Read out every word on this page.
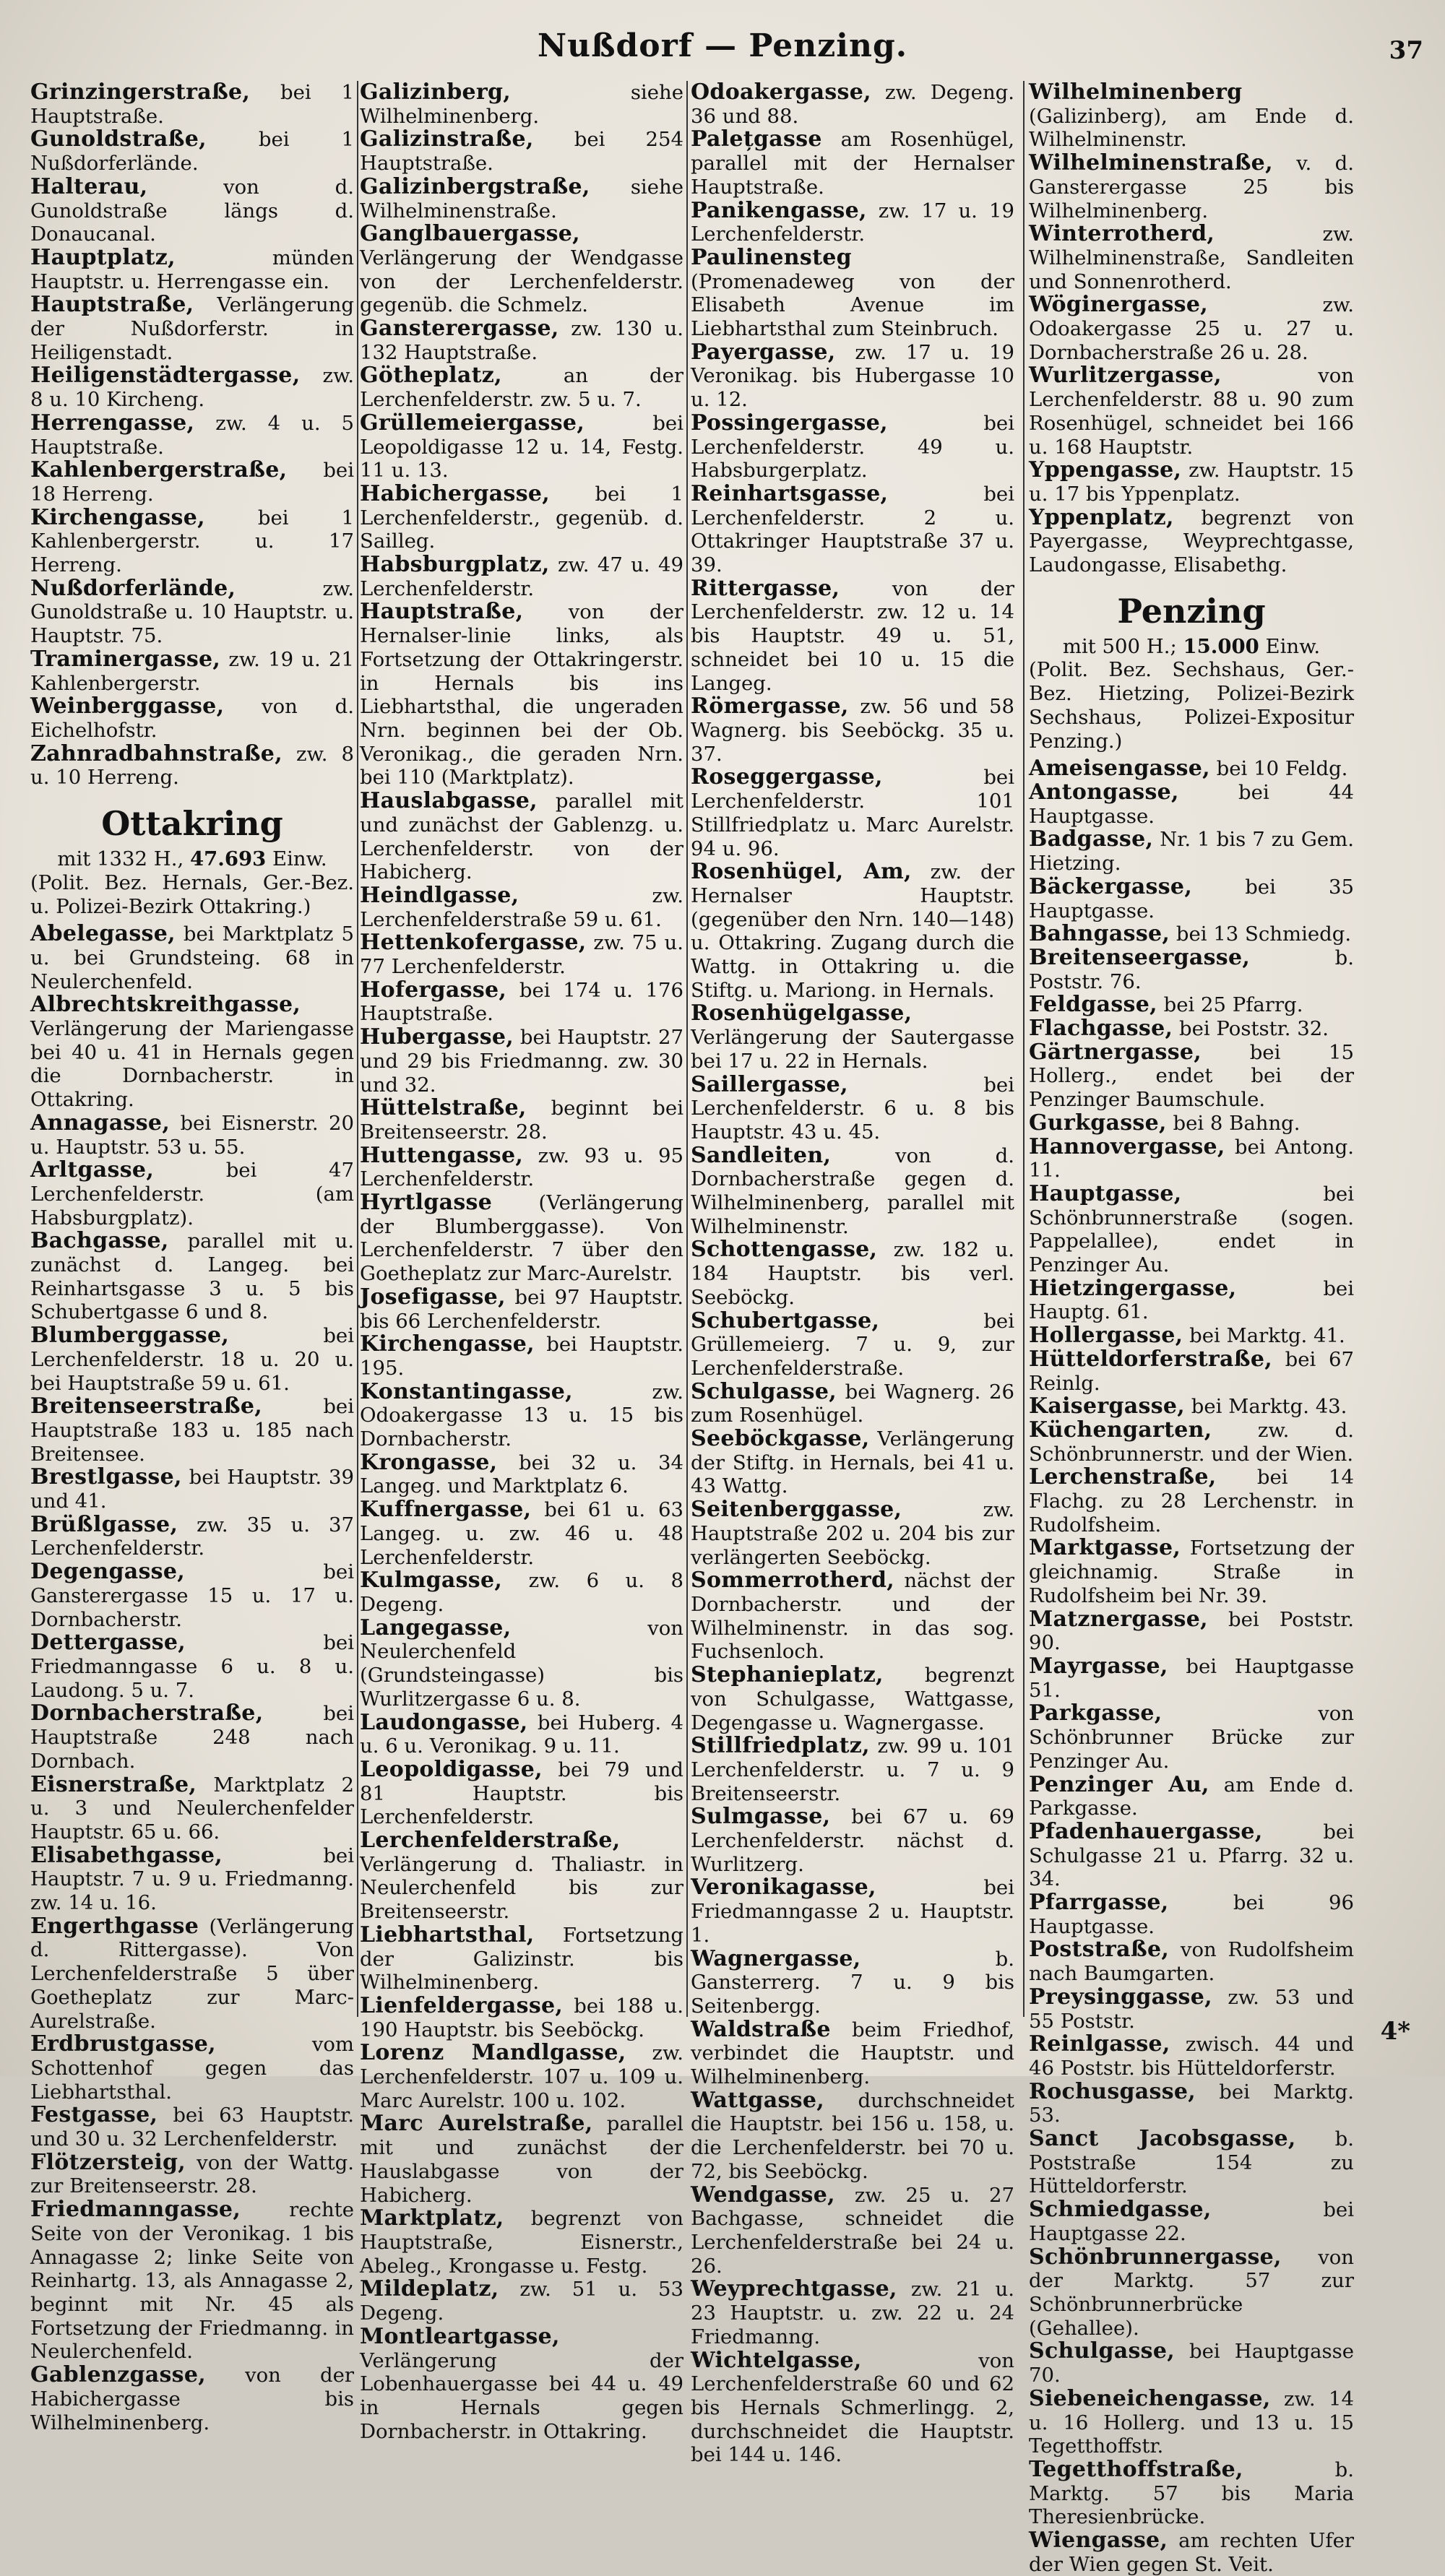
Nußdorf — Penzing.	37

Grinzingerstraße, bei 1 Hauptstraße.

Gunoldstraße, bei 1 Nußdorferlände.

Halterau, von d. Gunoldstraße längs d. Donaucanal.

Hauptplatz, münden Hauptstr. u. Herrengasse ein.

Hauptstraße, Verlängerung der Nußdorferstr. in Heiligenstadt.

Heiligenstädtergasse, zw. 8 u. 10 Kircheng.

Herrengasse, zw. 4 u. 5 Hauptstraße.

Kahlenbergerstraße, bei 18 Herreng.

Kirchengasse, bei 1 Kahlenbergerstr. u. 17 Herreng.

Nußdorferlände, zw. Gunoldstraße u. 10 Hauptstr. u. Hauptstr. 75.

Traminergasse, zw. 19 u. 21 Kahlenbergerstr.

Weinberggasse, von d. Eichelhofstr.

Zahnradbahnstraße, zw. 8 u. 10 Herreng.

Ottakring

mit 1332 H., 47.693 Einw.

(Polit. Bez. Hernals, Ger.-Bez. u. Polizei-Bezirk Ottakring.)

Abelegasse, bei Marktplatz 5 u. bei Grundsteing. 68 in Neulerchenfeld.

Albrechtskreithgasse, Verlängerung der Mariengasse bei 40 u. 41 in Hernals gegen die Dornbacherstr. in Ottakring.

Annagasse, bei Eisnerstr. 20 u. Hauptstr. 53 u. 55.

Arltgasse, bei 47 Lerchenfelderstr. (am Habsburgplatz).

Bachgasse, parallel mit u. zunächst d. Langeg. bei Reinhartsgasse 3 u. 5 bis Schubertgasse 6 und 8.

Blumberggasse, bei Lerchenfelderstr. 18 u. 20 u. bei Hauptstraße 59 u. 61.

Breitenseerstraße, bei Hauptstraße 183 u. 185 nach Breitensee.

Brestlgasse, bei Hauptstr. 39 und 41.

Brüßlgasse, zw. 35 u. 37 Lerchenfelderstr.

Degengasse, bei Gansterergasse 15 u. 17 u. Dornbacherstr.

Dettergasse, bei Friedmanngasse 6 u. 8 u. Laudong. 5 u. 7.

Dornbacherstraße, bei Hauptstraße 248 nach Dornbach.

Eisnerstraße, Marktplatz 2 u. 3 und Neulerchenfelder Hauptstr. 65 u. 66.

Elisabethgasse, bei Hauptstr. 7 u. 9 u. Friedmanng. zw. 14 u. 16.

Engerthgasse (Verlängerung d. Rittergasse). Von Lerchenfelderstraße 5 über Goetheplatz zur Marc-Aurelstraße.

Erdbrustgasse, vom Schottenhof gegen das Liebhartsthal.

Festgasse, bei 63 Hauptstr. und 30 u. 32 Lerchenfelderstr.

Flötzersteig, von der Wattg. zur Breitenseerstr. 28.

Friedmanngasse, rechte Seite von der Veronikag. 1 bis Annagasse 2; linke Seite von Reinhartg. 13, als Annagasse 2, beginnt mit Nr. 45 als Fortsetzung der Friedmanng. in Neulerchenfeld.

Gablenzgasse, von der Habichergasse bis Wilhelminenberg.

Galizinberg, siehe Wilhelminenberg.

Galizinstraße, bei 254 Hauptstraße.

Galizinbergstraße, siehe Wilhelminenstraße.

Ganglbauergasse, Verlängerung der Wendgasse von der Lerchenfelderstr. gegenüb. die Schmelz.

Gansterergasse, zw. 130 u. 132 Hauptstraße.

Götheplatz, an der Lerchenfelderstr. zw. 5 u. 7.

Grüllemeiergasse, bei Leopoldigasse 12 u. 14, Festg. 11 u. 13.

Habichergasse, bei 1 Lerchenfelderstr., gegenüb. d. Sailleg.

Habsburgplatz, zw. 47 u. 49 Lerchenfelderstr.

Hauptstraße, von der Hernalser-linie links, als Fortsetzung der Ottakringerstr. in Hernals bis ins Liebhartsthal, die ungeraden Nrn. beginnen bei der Ob. Veronikag., die geraden Nrn. bei 110 (Marktplatz).

Hauslabgasse, parallel mit und zunächst der Gablenzg. u. Lerchenfelderstr. von der Habicherg.

Heindlgasse, zw. Lerchenfelderstraße 59 u. 61.

Hettenkofergasse, zw. 75 u. 77 Lerchenfelderstr.

Hofergasse, bei 174 u. 176 Hauptstraße.

Hubergasse, bei Hauptstr. 27 und 29 bis Friedmanng. zw. 30 und 32.

Hüttelstraße, beginnt bei Breitenseerstr. 28.

Huttengasse, zw. 93 u. 95 Lerchenfelderstr.

Hyrtlgasse (Verlängerung der Blumberggasse). Von Lerchenfelderstr. 7 über den Goetheplatz zur Marc-Aurelstr.

Josefigasse, bei 97 Hauptstr. bis 66 Lerchenfelderstr.

Kirchengasse, bei Hauptstr. 195.

Konstantingasse, zw. Odoakergasse 13 u. 15 bis Dornbacherstr.

Krongasse, bei 32 u. 34 Langeg. und Marktplatz 6.

Kuffnergasse, bei 61 u. 63 Langeg. u. zw. 46 u. 48 Lerchenfelderstr.

Kulmgasse, zw. 6 u. 8 Degeng.

Langegasse, von Neulerchenfeld (Grundsteingasse) bis Wurlitzergasse 6 u. 8.

Laudongasse, bei Huberg. 4 u. 6 u. Veronikag. 9 u. 11.

Leopoldigasse, bei 79 und 81 Hauptstr. bis Lerchenfelderstr.

Lerchenfelderstraße, Verlängerung d. Thaliastr. in Neulerchenfeld bis zur Breitenseerstr.

Liebhartsthal, Fortsetzung der Galizinstr. bis Wilhelminenberg.

Lienfeldergasse, bei 188 u. 190 Hauptstr. bis Seeböckg.

Lorenz Mandlgasse, zw. Lerchenfelderstr. 107 u. 109 u. Marc Aurelstr. 100 u. 102.

Marc Aurelstraße, parallel mit und zunächst der Hauslabgasse von der Habicherg.

Marktplatz, begrenzt von Hauptstraße, Eisnerstr., Abeleg., Krongasse u. Festg.

Mildeplatz, zw. 51 u. 53 Degeng.

Montleartgasse, Verlängerung der Lobenhauergasse bei 44 u. 49 in Hernals gegen Dornbacherstr. in Ottakring.

Odoakergasse, zw. Degeng. 36 und 88.

Palețgasse am Rosenhügel, parallel mit der Hernalser Hauptstraße.

Panikengasse, zw. 17 u. 19 Lerchenfelderstr.

Paulinensteg (Promenadeweg von der Elisabeth Avenue im Liebhartsthal zum Steinbruch.

Payergasse, zw. 17 u. 19 Veronikag. bis Hubergasse 10 u. 12.

Possingergasse, bei Lerchenfelderstr. 49 u. Habsburgerplatz.

Reinhartsgasse, bei Lerchenfelderstr. 2 u. Ottakringer Hauptstraße 37 u. 39.

Rittergasse, von der Lerchenfelderstr. zw. 12 u. 14 bis Hauptstr. 49 u. 51, schneidet bei 10 u. 15 die Langeg.

Römergasse, zw. 56 und 58 Wagnerg. bis Seeböckg. 35 u. 37.

Roseggergasse, bei Lerchenfelderstr. 101 Stillfriedplatz u. Marc Aurelstr. 94 u. 96.

Rosenhügel, Am, zw. der Hernalser Hauptstr. (gegenüber den Nrn. 140—148) u. Ottakring. Zugang durch die Wattg. in Ottakring u. die Stiftg. u. Mariong. in Hernals.

Rosenhügelgasse, Verlängerung der Sautergasse bei 17 u. 22 in Hernals.

Saillergasse, bei Lerchenfelderstr. 6 u. 8 bis Hauptstr. 43 u. 45.

Sandleiten, von d. Dornbacherstraße gegen d. Wilhelminenberg, parallel mit Wilhelminenstr.

Schottengasse, zw. 182 u. 184 Hauptstr. bis verl. Seeböckg.

Schubertgasse, bei Grüllemeierg. 7 u. 9, zur Lerchenfelderstraße.

Schulgasse, bei Wagnerg. 26 zum Rosenhügel.

Seeböckgasse, Verlängerung der Stiftg. in Hernals, bei 41 u. 43 Wattg.

Seitenberggasse, zw. Hauptstraße 202 u. 204 bis zur verlängerten Seeböckg.

Sommerrotherd, nächst der Dornbacherstr. und der Wilhelminenstr. in das sog. Fuchsenloch.

Stephanieplatz, begrenzt von Schulgasse, Wattgasse, Degengasse u. Wagnergasse.

Stillfriedplatz, zw. 99 u. 101 Lerchenfelderstr. u. 7 u. 9 Breitenseerstr.

Sulmgasse, bei 67 u. 69 Lerchenfelderstr. nächst d. Wurlitzerg.

Veronikagasse, bei Friedmanngasse 2 u. Hauptstr. 1.

Wagnergasse, b. Gansterrerg. 7 u. 9 bis Seitenbergg.

Waldstraße beim Friedhof, verbindet die Hauptstr. und Wilhelminenberg.

Wattgasse, durchschneidet die Hauptstr. bei 156 u. 158, u. die Lerchenfelderstr. bei 70 u. 72, bis Seeböckg.

Wendgasse, zw. 25 u. 27 Bachgasse, schneidet die Lerchenfelderstraße bei 24 u. 26.

Weyprechtgasse, zw. 21 u. 23 Hauptstr. u. zw. 22 u. 24 Friedmanng.

Wichtelgasse, von Lerchenfelderstraße 60 und 62 bis Hernals Schmerlingg. 2, durchschneidet die Hauptstr. bei 144 u. 146.

Wilhelminenberg (Galizinberg), am Ende d. Wilhelminenstr.

Wilhelminenstraße, v. d. Gansterergasse 25 bis Wilhelminenberg.

Winterrotherd, zw. Wilhelminenstraße, Sandleiten und Sonnenrotherd.

Wöginergasse, zw. Odoakergasse 25 u. 27 u. Dornbacherstraße 26 u. 28.

Wurlitzergasse, von Lerchenfelderstr. 88 u. 90 zum Rosenhügel, schneidet bei 166 u. 168 Hauptstr.

Yppengasse, zw. Hauptstr. 15 u. 17 bis Yppenplatz.

Yppenplatz, begrenzt von Payergasse, Weyprechtgasse, Laudongasse, Elisabethg.

Penzing

mit 500 H.; 15.000 Einw.

(Polit. Bez. Sechshaus, Ger.-Bez. Hietzing, Polizei-Bezirk Sechshaus, Polizei-Expositur Penzing.)

Ameisengasse, bei 10 Feldg.

Antongasse, bei 44 Hauptgasse.

Badgasse, Nr. 1 bis 7 zu Gem. Hietzing.

Bäckergasse, bei 35 Hauptgasse.

Bahngasse, bei 13 Schmiedg.

Breitenseergasse, b. Poststr. 76.

Feldgasse, bei 25 Pfarrg.

Flachgasse, bei Poststr. 32.

Gärtnergasse, bei 15 Hollerg., endet bei der Penzinger Baumschule.

Gurkgasse, bei 8 Bahng.

Hannovergasse, bei Antong. 11.

Hauptgasse, bei Schönbrunnerstraße (sogen. Pappelallee), endet in Penzinger Au.

Hietzingergasse, bei Hauptg. 61.

Hollergasse, bei Marktg. 41.

Hütteldorferstraße, bei 67 Reinlg.

Kaisergasse, bei Marktg. 43.

Küchengarten, zw. d. Schönbrunnerstr. und der Wien.

Lerchenstraße, bei 14 Flachg. zu 28 Lerchenstr. in Rudolfsheim.

Marktgasse, Fortsetzung der gleichnamig. Straße in Rudolfsheim bei Nr. 39.

Matznergasse, bei Poststr. 90.

Mayrgasse, bei Hauptgasse 51.

Parkgasse, von Schönbrunner Brücke zur Penzinger Au.

Penzinger Au, am Ende d. Parkgasse.

Pfadenhauergasse, bei Schulgasse 21 u. Pfarrg. 32 u. 34.

Pfarrgasse, bei 96 Hauptgasse.

Poststraße, von Rudolfsheim nach Baumgarten.

Preysinggasse, zw. 53 und 55 Poststr.

Reinlgasse, zwisch. 44 und 46 Poststr. bis Hütteldorferstr.

Rochusgasse, bei Marktg. 53.

Sanct Jacobsgasse, b. Poststraße 154 zu Hütteldorferstr.

Schmiedgasse, bei Hauptgasse 22.

Schönbrunnergasse, von der Marktg. 57 zur Schönbrunnerbrücke (Gehallee).

Schulgasse, bei Hauptgasse 70.

Siebeneichengasse, zw. 14 u. 16 Hollerg. und 13 u. 15 Tegetthoffstr.

Tegetthoffstraße, b. Marktg. 57 bis Maria Theresienbrücke.

Wiengasse, am rechten Ufer der Wien gegen St. Veit.

4*
